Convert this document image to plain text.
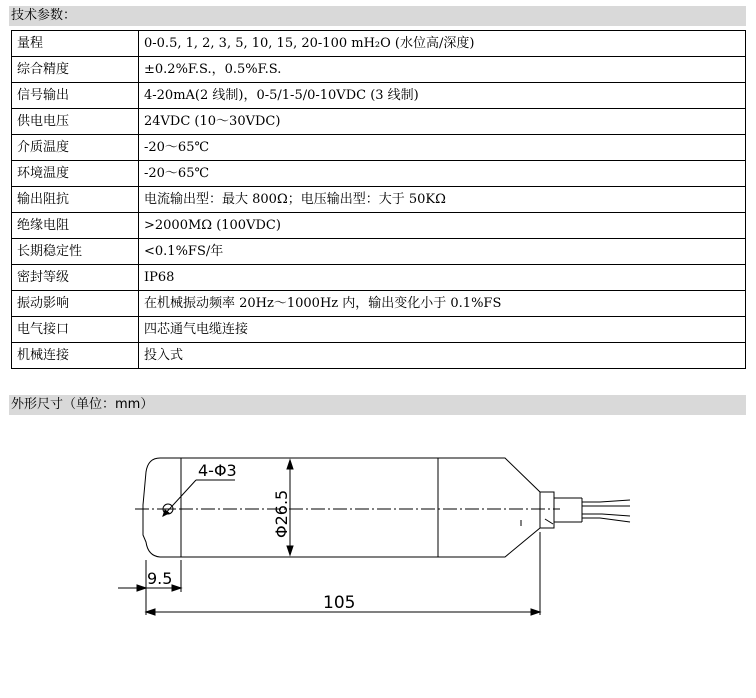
技术参数：
量程	0-0.5, 1, 2, 3, 5, 10, 15, 20-100 mH₂O (水位高/深度)
综合精度	±0.2%F.S.，0.5%F.S.
信号输出	4-20mA(2 线制)，0-5/1-5/0-10VDC (3 线制)
供电电压	24VDC (10～30VDC)
介质温度	-20～65℃
环境温度	-20～65℃
输出阻抗	电流输出型：最大 800Ω；电压输出型：大于 50KΩ
绝缘电阻	>2000MΩ (100VDC)
长期稳定性	<0.1%FS/年
密封等级	IP68
振动影响	在机械振动频率 20Hz～1000Hz 内，输出变化小于 0.1%FS
电气接口	四芯通气电缆连接
机械连接	投入式
外形尺寸（单位：mm）
4-Φ3
Φ26.5
9.5
105
